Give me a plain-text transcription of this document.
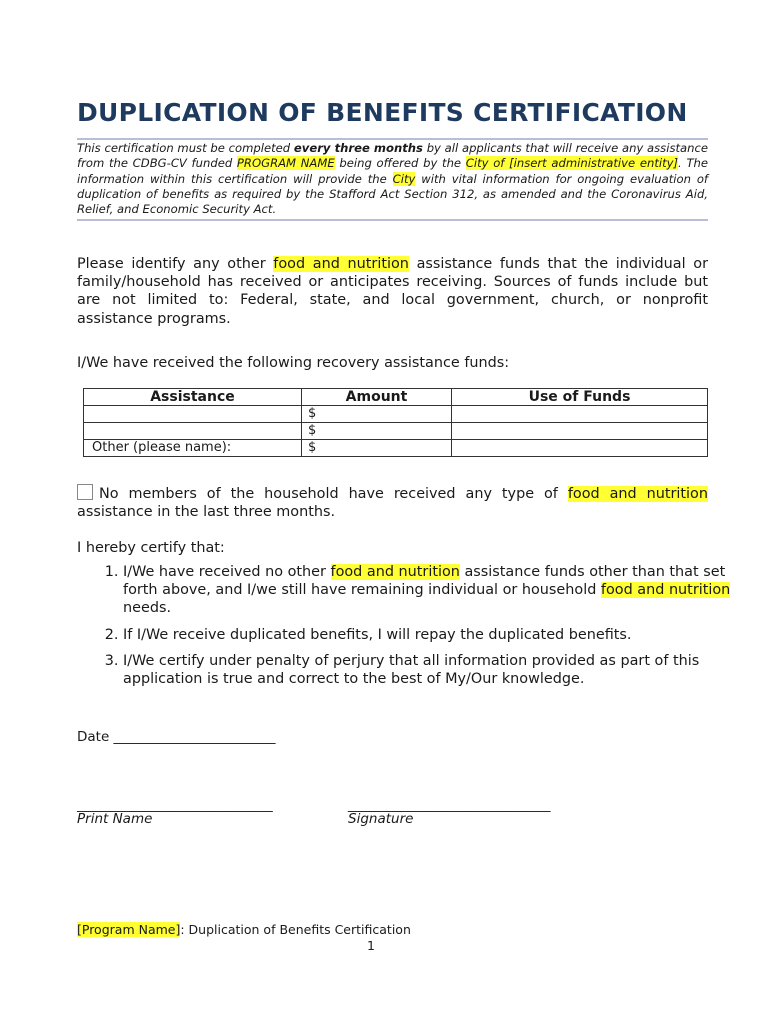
DUPLICATION OF BENEFITS CERTIFICATION

This certification must be completed every three months by all applicants that will receive any assistance from the CDBG-CV funded PROGRAM NAME being offered by the City of [insert administrative entity]. The information within this certification will provide the City with vital information for ongoing evaluation of duplication of benefits as required by the Stafford Act Section 312, as amended and the Coronavirus Aid, Relief, and Economic Security Act.

Please identify any other food and nutrition assistance funds that the individual or family/household has received or anticipates receiving. Sources of funds include but are not limited to: Federal, state, and local government, church, or nonprofit assistance programs.

I/We have received the following recovery assistance funds:

Assistance	Amount	Use of Funds
	$	
	$	
Other (please name):	$	

No members of the household have received any type of food and nutrition assistance in the last three months.

I hereby certify that:

1. I/We have received no other food and nutrition assistance funds other than that set forth above, and I/we still have remaining individual or household food and nutrition needs.
2. If I/We receive duplicated benefits, I will repay the duplicated benefits.
3. I/We certify under penalty of perjury that all information provided as part of this application is true and correct to the best of My/Our knowledge.
Date ________________________
_____________________________
Print Name
______________________________
Signature
[Program Name]: Duplication of Benefits Certification
1
